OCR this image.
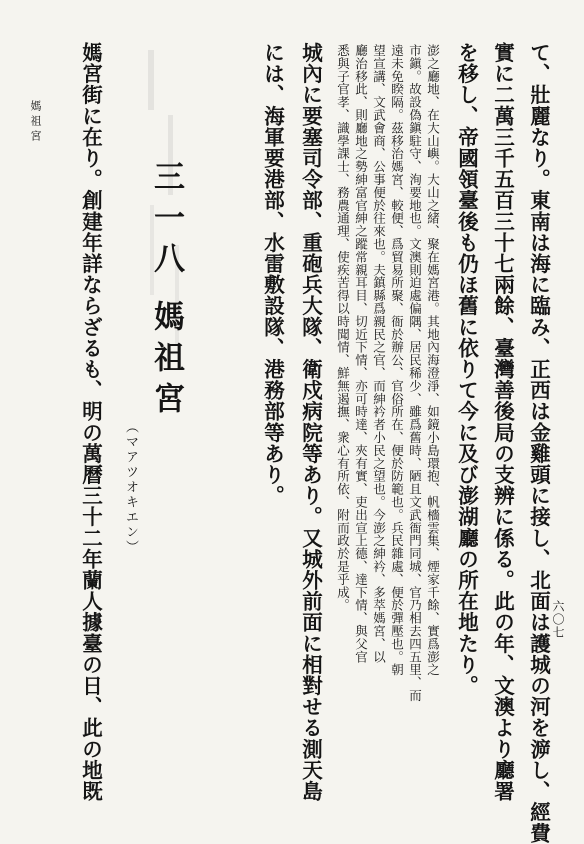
て、壯麗なり。東南は海に臨み、正西は金雞頭に接し、北面は護城の河を㴑し、經費
實に二萬三千五百三十七兩餘、臺灣善後局の支辨に係る。此の年、文澳より廳署
を移し、帝國領臺後も仍ほ舊に依りて今に及び澎湖廳の所在地たり。
澎之廳地、在大山嶼。大山之緒、聚在媽宮港。其地內海澄淨、如鏡小島環抱、帆檣雲集、煙家千餘、實爲澎之
市鎭。故設偽鎭駐守、洵要地也。文澳則迫處偏隅、居民稀少、雖爲舊時、陋且文武衙門同城、官乃相去四五里、而
遠未免睽隔。茲移治媽宮、較便、爲貿易所聚、衙於辦公、官俗所在、便於防範也。兵民雜處、便於彈壓也。朝
望宣講、文武會商、公事便於往來也。夫鎮縣爲親民之官、而紳衿者小民之望也。今澎之紳衿、多萃媽宮、以
廳治移此、則廳地之勢紳富官紳之蹤常親耳目、切近下情、亦可時達、夾有實、吏出宣上德、達下情、與父官
悉與子官孝、識學課士、務農通理、使疾苦得以時聞情、鮮無遏撫、衆心有所依、附而政於是乎成。
城內に要塞司令部、重砲兵大隊、衛戍病院等あり。又城外前面に相對せる測天島
には、海軍要港部、水雷敷設隊、港務部等あり。
三一八
媽祖宮
（マアツオキエン）
媽宮街に在り。創建年詳ならざるも、明の萬曆三十二年蘭人據臺の日、此の地既
媽祖宮
六〇七
